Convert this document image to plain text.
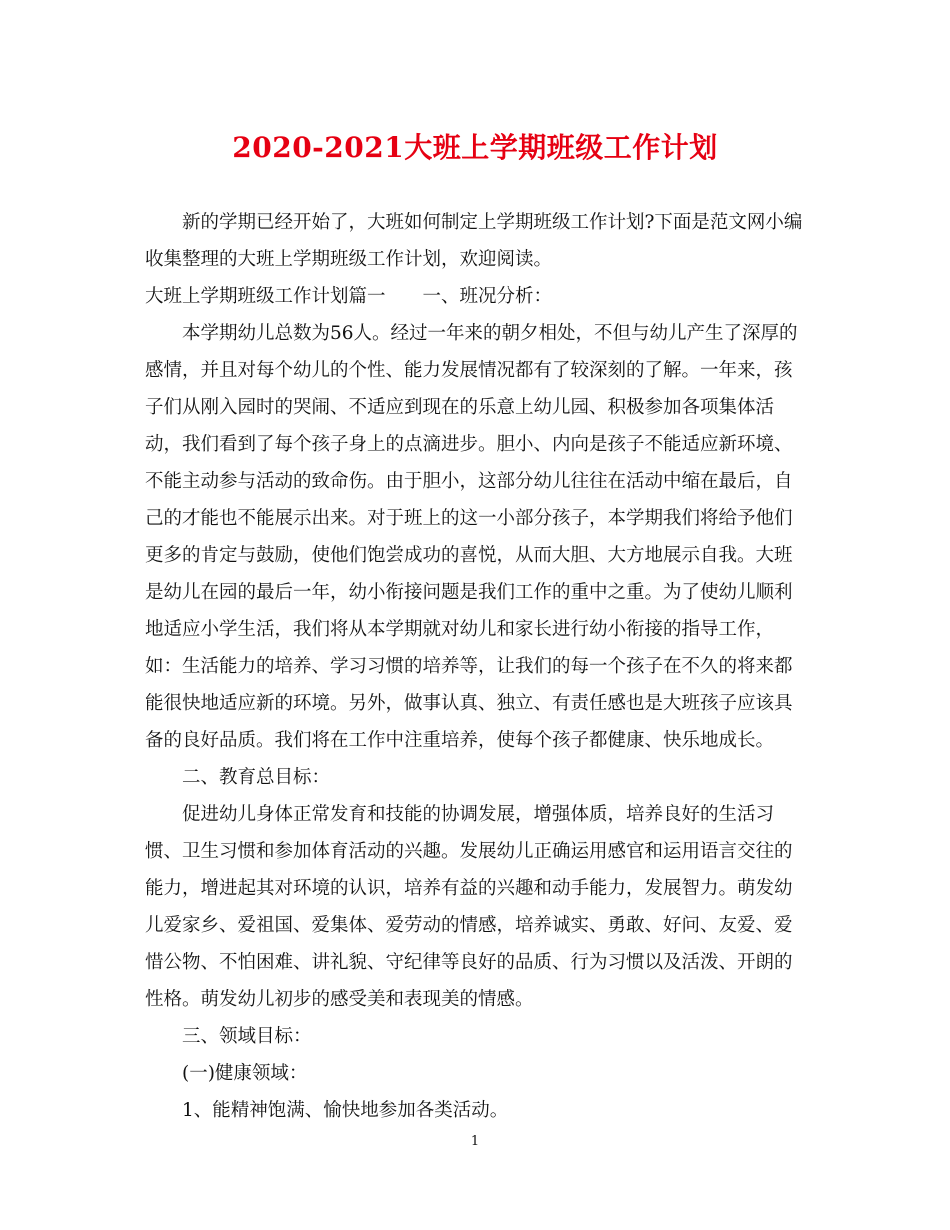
2020-2021大班上学期班级工作计划

新的学期已经开始了，大班如何制定上学期班级工作计划?下面是范文网小编
收集整理的大班上学期班级工作计划，欢迎阅读。

大班上学期班级工作计划篇一　　一、班况分析：

本学期幼儿总数为56人。经过一年来的朝夕相处，不但与幼儿产生了深厚的
感情，并且对每个幼儿的个性、能力发展情况都有了较深刻的了解。一年来，孩
子们从刚入园时的哭闹、不适应到现在的乐意上幼儿园、积极参加各项集体活
动，我们看到了每个孩子身上的点滴进步。胆小、内向是孩子不能适应新环境、
不能主动参与活动的致命伤。由于胆小，这部分幼儿往往在活动中缩在最后，自
己的才能也不能展示出来。对于班上的这一小部分孩子，本学期我们将给予他们
更多的肯定与鼓励，使他们饱尝成功的喜悦，从而大胆、大方地展示自我。大班
是幼儿在园的最后一年，幼小衔接问题是我们工作的重中之重。为了使幼儿顺利
地适应小学生活，我们将从本学期就对幼儿和家长进行幼小衔接的指导工作，
如：生活能力的培养、学习习惯的培养等，让我们的每一个孩子在不久的将来都
能很快地适应新的环境。另外，做事认真、独立、有责任感也是大班孩子应该具
备的良好品质。我们将在工作中注重培养，使每个孩子都健康、快乐地成长。

二、教育总目标：

促进幼儿身体正常发育和技能的协调发展，增强体质，培养良好的生活习
惯、卫生习惯和参加体育活动的兴趣。发展幼儿正确运用感官和运用语言交往的
能力，增进起其对环境的认识，培养有益的兴趣和动手能力，发展智力。萌发幼
儿爱家乡、爱祖国、爱集体、爱劳动的情感，培养诚实、勇敢、好问、友爱、爱
惜公物、不怕困难、讲礼貌、守纪律等良好的品质、行为习惯以及活泼、开朗的
性格。萌发幼儿初步的感受美和表现美的情感。

三、领域目标：

(一)健康领域：

1、能精神饱满、愉快地参加各类活动。

1
